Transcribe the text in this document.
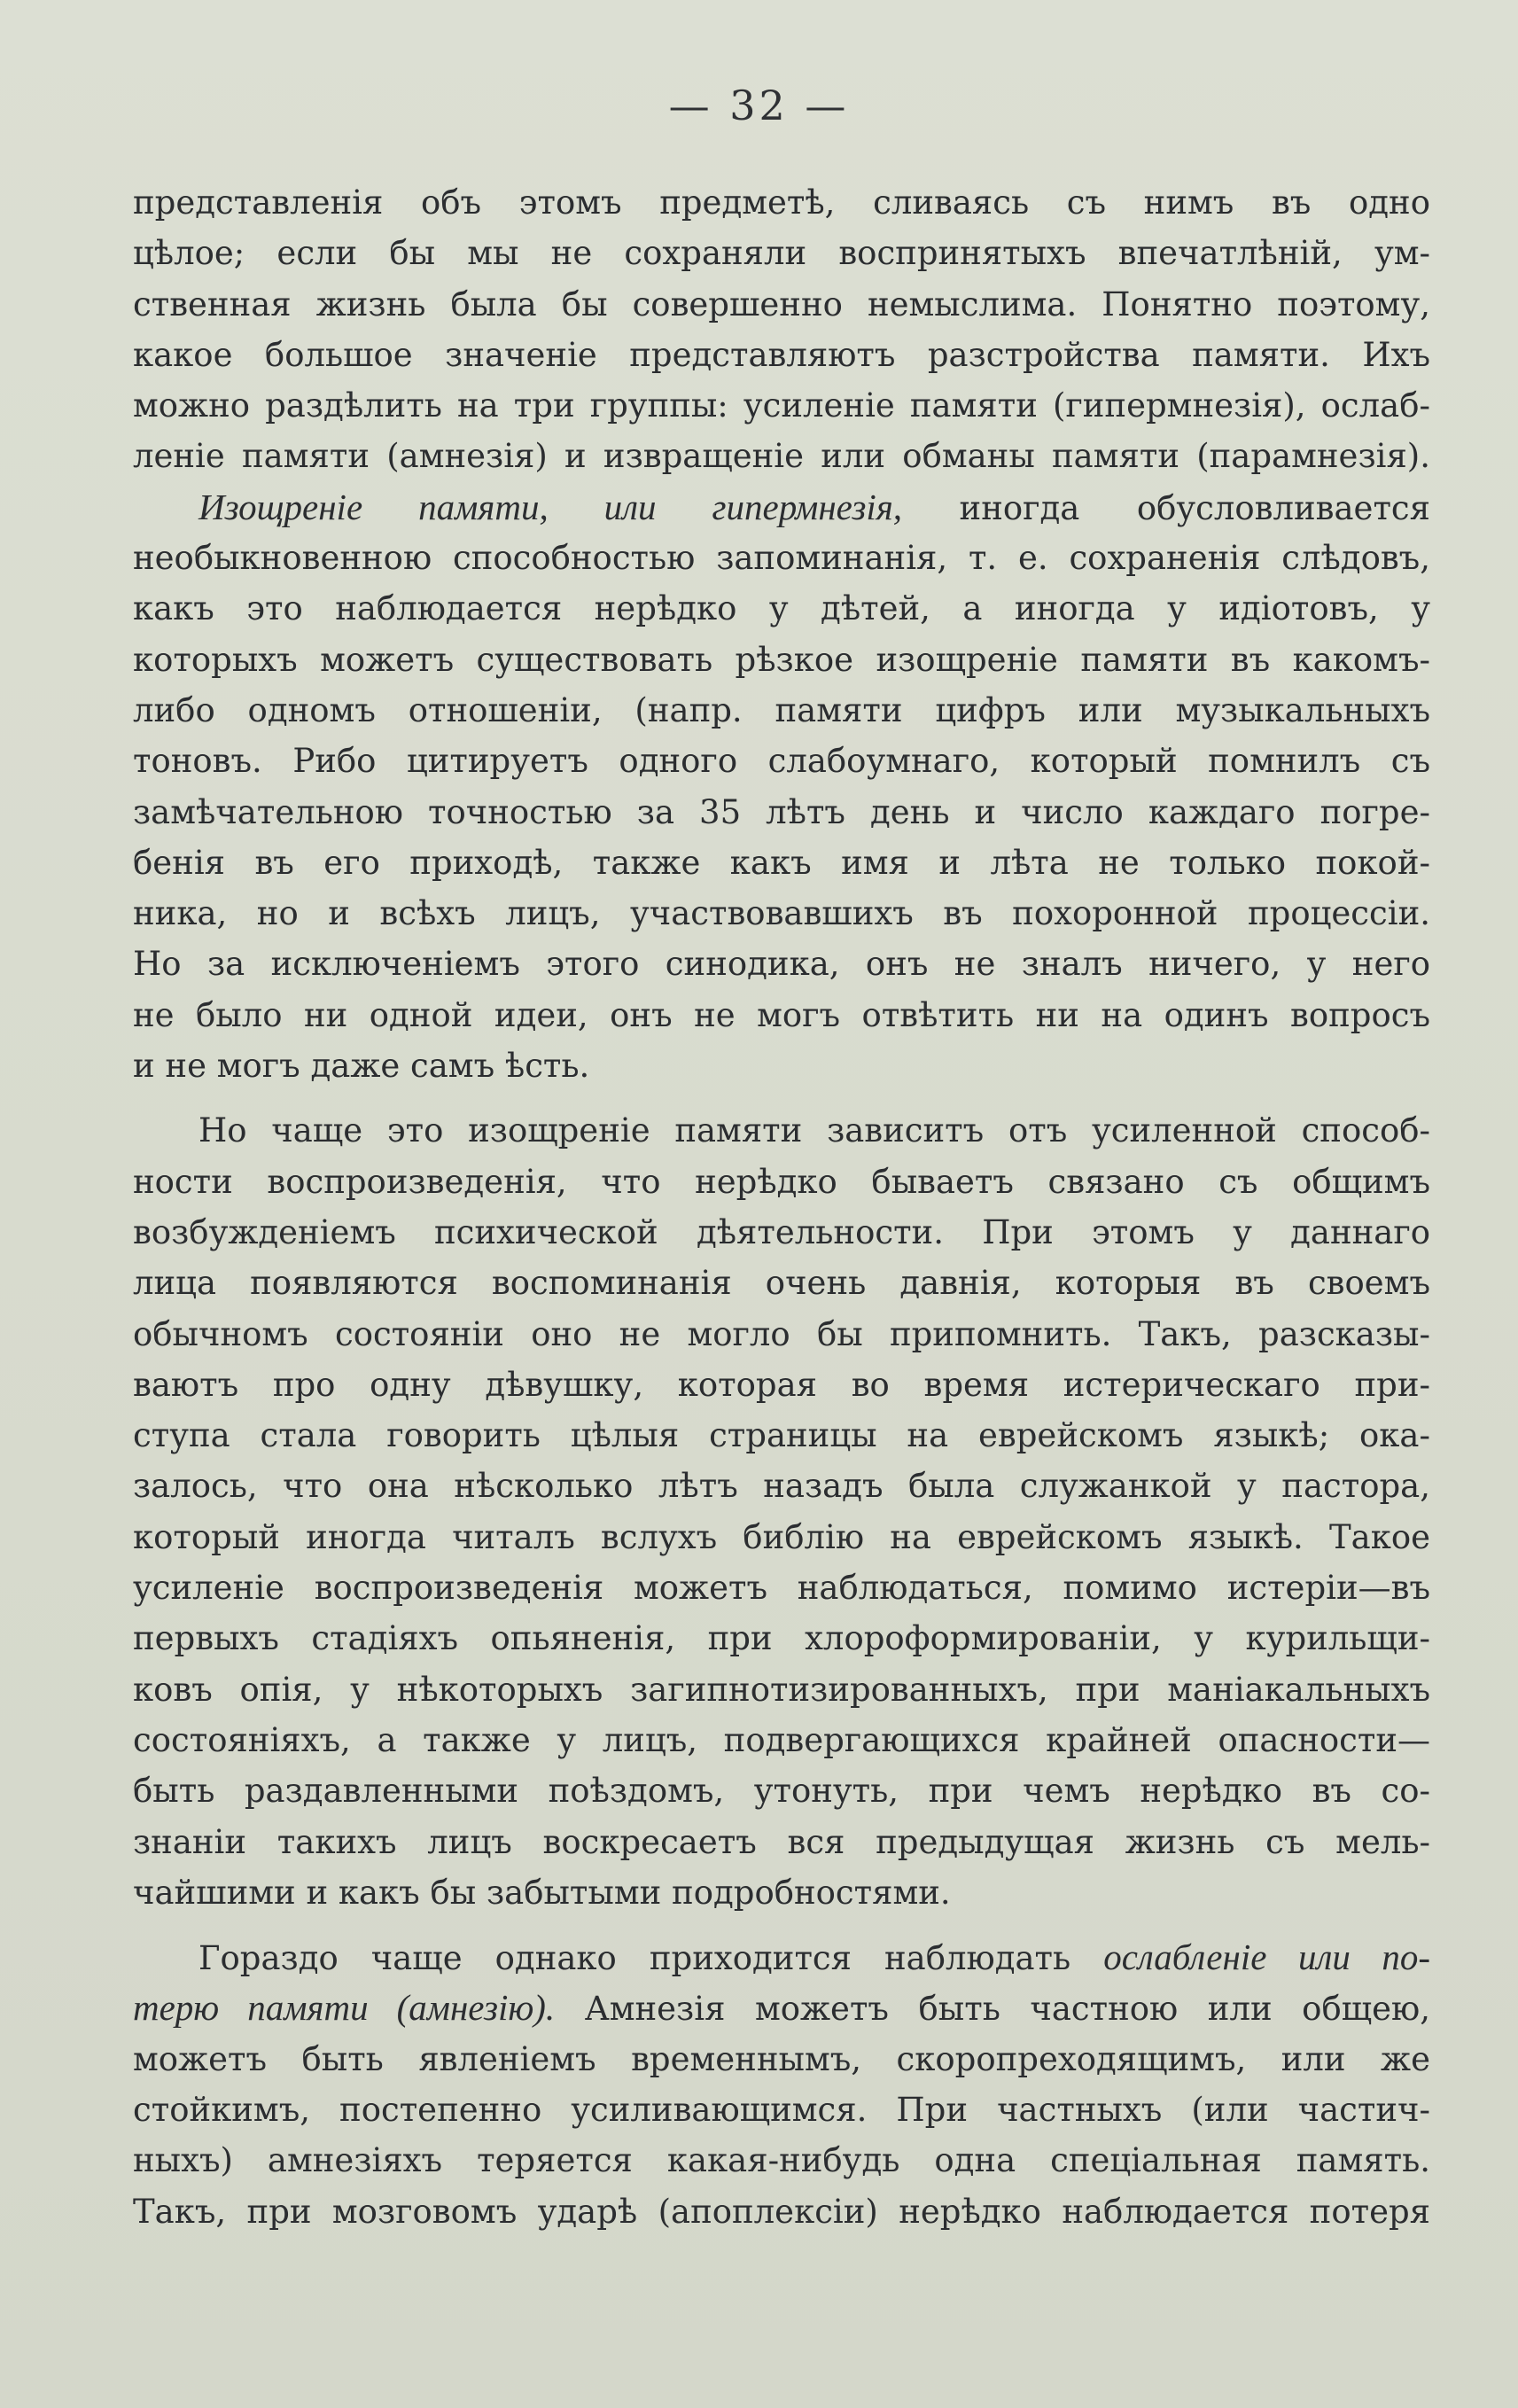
— 32 —
представленія объ этомъ предметѣ, сливаясь съ нимъ въ одно
цѣлое; если бы мы не сохраняли воспринятыхъ впечатлѣній, ум-
ственная жизнь была бы совершенно немыслима. Понятно поэтому,
какое большое значеніе представляютъ разстройства памяти. Ихъ
можно раздѣлить на три группы: усиленіе памяти (гипермнезія), ослаб-
леніе памяти (амнезія) и извращеніе или обманы памяти (парамнезія).
Изощреніе памяти, или гипермнезія, иногда обусловливается
необыкновенною способностью запоминанія, т. е. сохраненія слѣдовъ,
какъ это наблюдается нерѣдко у дѣтей, а иногда у идіотовъ, у
которыхъ можетъ существовать рѣзкое изощреніе памяти въ какомъ-
либо одномъ отношеніи, (напр. памяти цифръ или музыкальныхъ
тоновъ. Рибо цитируетъ одного слабоумнаго, который помнилъ съ
замѣчательною точностью за 35 лѣтъ день и число каждаго погре-
бенія въ его приходѣ, также какъ имя и лѣта не только покой-
ника, но и всѣхъ лицъ, участвовавшихъ въ похоронной процессіи.
Но за исключеніемъ этого синодика, онъ не зналъ ничего, у него
не было ни одной идеи, онъ не могъ отвѣтить ни на одинъ вопросъ
и не могъ даже самъ ѣсть.
Но чаще это изощреніе памяти зависитъ отъ усиленной способ-
ности воспроизведенія, что нерѣдко бываетъ связано съ общимъ
возбужденіемъ психической дѣятельности. При этомъ у даннаго
лица появляются воспоминанія очень давнія, которыя въ своемъ
обычномъ состояніи оно не могло бы припомнить. Такъ, разсказы-
ваютъ про одну дѣвушку, которая во время истерическаго при-
ступа стала говорить цѣлыя страницы на еврейскомъ языкѣ; ока-
залось, что она нѣсколько лѣтъ назадъ была служанкой у пастора,
который иногда читалъ вслухъ библію на еврейскомъ языкѣ. Такое
усиленіе воспроизведенія можетъ наблюдаться, помимо истеріи—въ
первыхъ стадіяхъ опьяненія, при хлороформированіи, у курильщи-
ковъ опія, у нѣкоторыхъ загипнотизированныхъ, при маніакальныхъ
состояніяхъ, а также у лицъ, подвергающихся крайней опасности—
быть раздавленными поѣздомъ, утонуть, при чемъ нерѣдко въ со-
знаніи такихъ лицъ воскресаетъ вся предыдущая жизнь съ мель-
чайшими и какъ бы забытыми подробностями.
Гораздо чаще однако приходится наблюдать ослабленіе или по-
терю памяти (амнезію). Амнезія можетъ быть частною или общею,
можетъ быть явленіемъ временнымъ, скоропреходящимъ, или же
стойкимъ, постепенно усиливающимся. При частныхъ (или частич-
ныхъ) амнезіяхъ теряется какая-нибудь одна спеціальная память.
Такъ, при мозговомъ ударѣ (апоплексіи) нерѣдко наблюдается потеря
